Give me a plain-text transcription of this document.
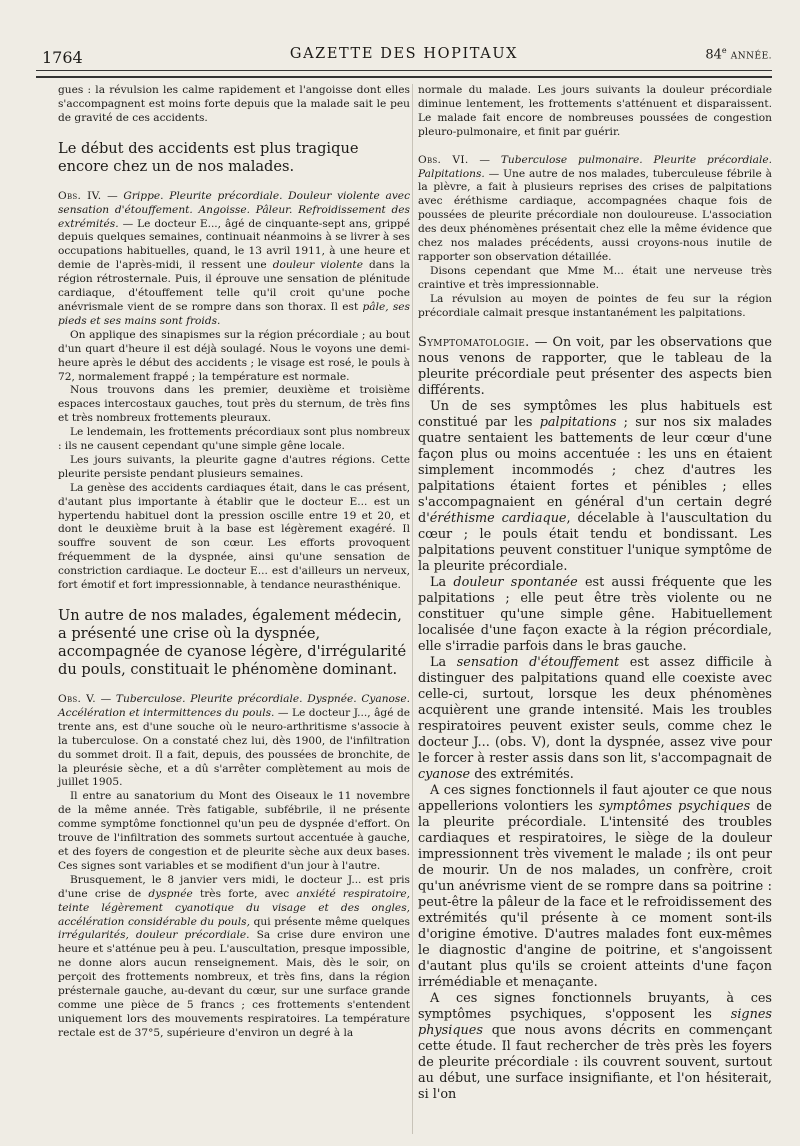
1764	GAZETTE DES HOPITAUX	84e ANNÉE.

gues : la révulsion les calme rapidement et l'angoisse dont elles s'accompagnent est moins forte depuis que la malade sait le peu de gravité de ces accidents.

Le début des accidents est plus tragique encore chez un de nos malades.

Obs. IV. — Grippe. Pleurite précordiale. Douleur violente avec sensation d'étouffement. Angoisse. Pâleur. Refroidissement des extrémités. — Le docteur E..., âgé de cinquante-sept ans, grippé depuis quelques semaines, continuait néanmoins à se livrer à ses occupations habituelles, quand, le 13 avril 1911, à une heure et demie de l'après-midi, il ressent une douleur violente dans la région rétrosternale. Puis, il éprouve une sensation de plénitude cardiaque, d'étouffement telle qu'il croit qu'une poche anévrismale vient de se rompre dans son thorax. Il est pâle, ses pieds et ses mains sont froids.

On applique des sinapismes sur la région précordiale ; au bout d'un quart d'heure il est déjà soulagé. Nous le voyons une demi-heure après le début des accidents ; le visage est rosé, le pouls à 72, normalement frappé ; la température est normale.

Nous trouvons dans les premier, deuxième et troisième espaces intercostaux gauches, tout près du sternum, de très fins et très nombreux frottements pleuraux.

Le lendemain, les frottements précordiaux sont plus nombreux : ils ne causent cependant qu'une simple gêne locale.

Les jours suivants, la pleurite gagne d'autres régions. Cette pleurite persiste pendant plusieurs semaines.

La genèse des accidents cardiaques était, dans le cas présent, d'autant plus importante à établir que le docteur E... est un hypertendu habituel dont la pression oscille entre 19 et 20, et dont le deuxième bruit à la base est légèrement exagéré. Il souffre souvent de son cœur. Les efforts provoquent fréquemment de la dyspnée, ainsi qu'une sensation de constriction cardiaque. Le docteur E... est d'ailleurs un nerveux, fort émotif et fort impressionnable, à tendance neurasthénique.

Un autre de nos malades, également médecin, a présenté une crise où la dyspnée, accompagnée de cyanose légère, d'irrégularité du pouls, constituait le phénomène dominant.

Obs. V. — Tuberculose. Pleurite précordiale. Dyspnée. Cyanose. Accélération et intermittences du pouls. — Le docteur J..., âgé de trente ans, est d'une souche où le neuro-arthritisme s'associe à la tuberculose. On a constaté chez lui, dès 1900, de l'infiltration du sommet droit. Il a fait, depuis, des poussées de bronchite, de la pleurésie sèche, et a dû s'arrêter complètement au mois de juillet 1905.

Il entre au sanatorium du Mont des Oiseaux le 11 novembre de la même année. Très fatigable, subfébrile, il ne présente comme symptôme fonctionnel qu'un peu de dyspnée d'effort. On trouve de l'infiltration des sommets surtout accentuée à gauche, et des foyers de congestion et de pleurite sèche aux deux bases. Ces signes sont variables et se modifient d'un jour à l'autre.

Brusquement, le 8 janvier vers midi, le docteur J... est pris d'une crise de dyspnée très forte, avec anxiété respiratoire, teinte légèrement cyanotique du visage et des ongles, accélération considérable du pouls, qui présente même quelques irrégularités, douleur précordiale. Sa crise dure environ une heure et s'atténue peu à peu. L'auscultation, presque impossible, ne donne alors aucun renseignement. Mais, dès le soir, on perçoit des frottements nombreux, et très fins, dans la région présternale gauche, au-devant du cœur, sur une surface grande comme une pièce de 5 francs ; ces frottements s'entendent uniquement lors des mouvements respiratoires. La température rectale est de 37°5, supérieure d'environ un degré à la

normale du malade. Les jours suivants la douleur précordiale diminue lentement, les frottements s'atténuent et disparaissent. Le malade fait encore de nombreuses poussées de congestion pleuro-pulmonaire, et finit par guérir.

Obs. VI. — Tuberculose pulmonaire. Pleurite précordiale. Palpitations. — Une autre de nos malades, tuberculeuse fébrile à la plèvre, a fait à plusieurs reprises des crises de palpitations avec éréthisme cardiaque, accompagnées chaque fois de poussées de pleurite précordiale non douloureuse. L'association des deux phénomènes présentait chez elle la même évidence que chez nos malades précédents, aussi croyons-nous inutile de rapporter son observation détaillée.

Disons cependant que Mme M... était une nerveuse très craintive et très impressionnable.

La révulsion au moyen de pointes de feu sur la région précordiale calmait presque instantanément les palpitations.

Symptomatologie. — On voit, par les observations que nous venons de rapporter, que le tableau de la pleurite précordiale peut présenter des aspects bien différents.

Un de ses symptômes les plus habituels est constitué par les palpitations ; sur nos six malades quatre sentaient les battements de leur cœur d'une façon plus ou moins accentuée : les uns en étaient simplement incommodés ; chez d'autres les palpitations étaient fortes et pénibles ; elles s'accompagnaient en général d'un certain degré d'éréthisme cardiaque, décelable à l'auscultation du cœur ; le pouls était tendu et bondissant. Les palpitations peuvent constituer l'unique symptôme de la pleurite précordiale.

La douleur spontanée est aussi fréquente que les palpitations ; elle peut être très violente ou ne constituer qu'une simple gêne. Habituellement localisée d'une façon exacte à la région précordiale, elle s'irradie parfois dans le bras gauche.

La sensation d'étouffement est assez difficile à distinguer des palpitations quand elle coexiste avec celle-ci, surtout, lorsque les deux phénomènes acquièrent une grande intensité. Mais les troubles respiratoires peuvent exister seuls, comme chez le docteur J... (obs. V), dont la dyspnée, assez vive pour le forcer à rester assis dans son lit, s'accompagnait de cyanose des extrémités.

A ces signes fonctionnels il faut ajouter ce que nous appellerions volontiers les symptômes psychiques de la pleurite précordiale. L'intensité des troubles cardiaques et respiratoires, le siège de la douleur impressionnent très vivement le malade ; ils ont peur de mourir. Un de nos malades, un confrère, croit qu'un anévrisme vient de se rompre dans sa poitrine : peut-être la pâleur de la face et le refroidissement des extrémités qu'il présente à ce moment sont-ils d'origine émotive. D'autres malades font eux-mêmes le diagnostic d'angine de poitrine, et s'angoissent d'autant plus qu'ils se croient atteints d'une façon irrémédiable et menaçante.

A ces signes fonctionnels bruyants, à ces symptômes psychiques, s'opposent les signes physiques que nous avons décrits en commençant cette étude. Il faut rechercher de très près les foyers de pleurite précordiale : ils couvrent souvent, surtout au début, une surface insignifiante, et l'on hésiterait, si l'on
